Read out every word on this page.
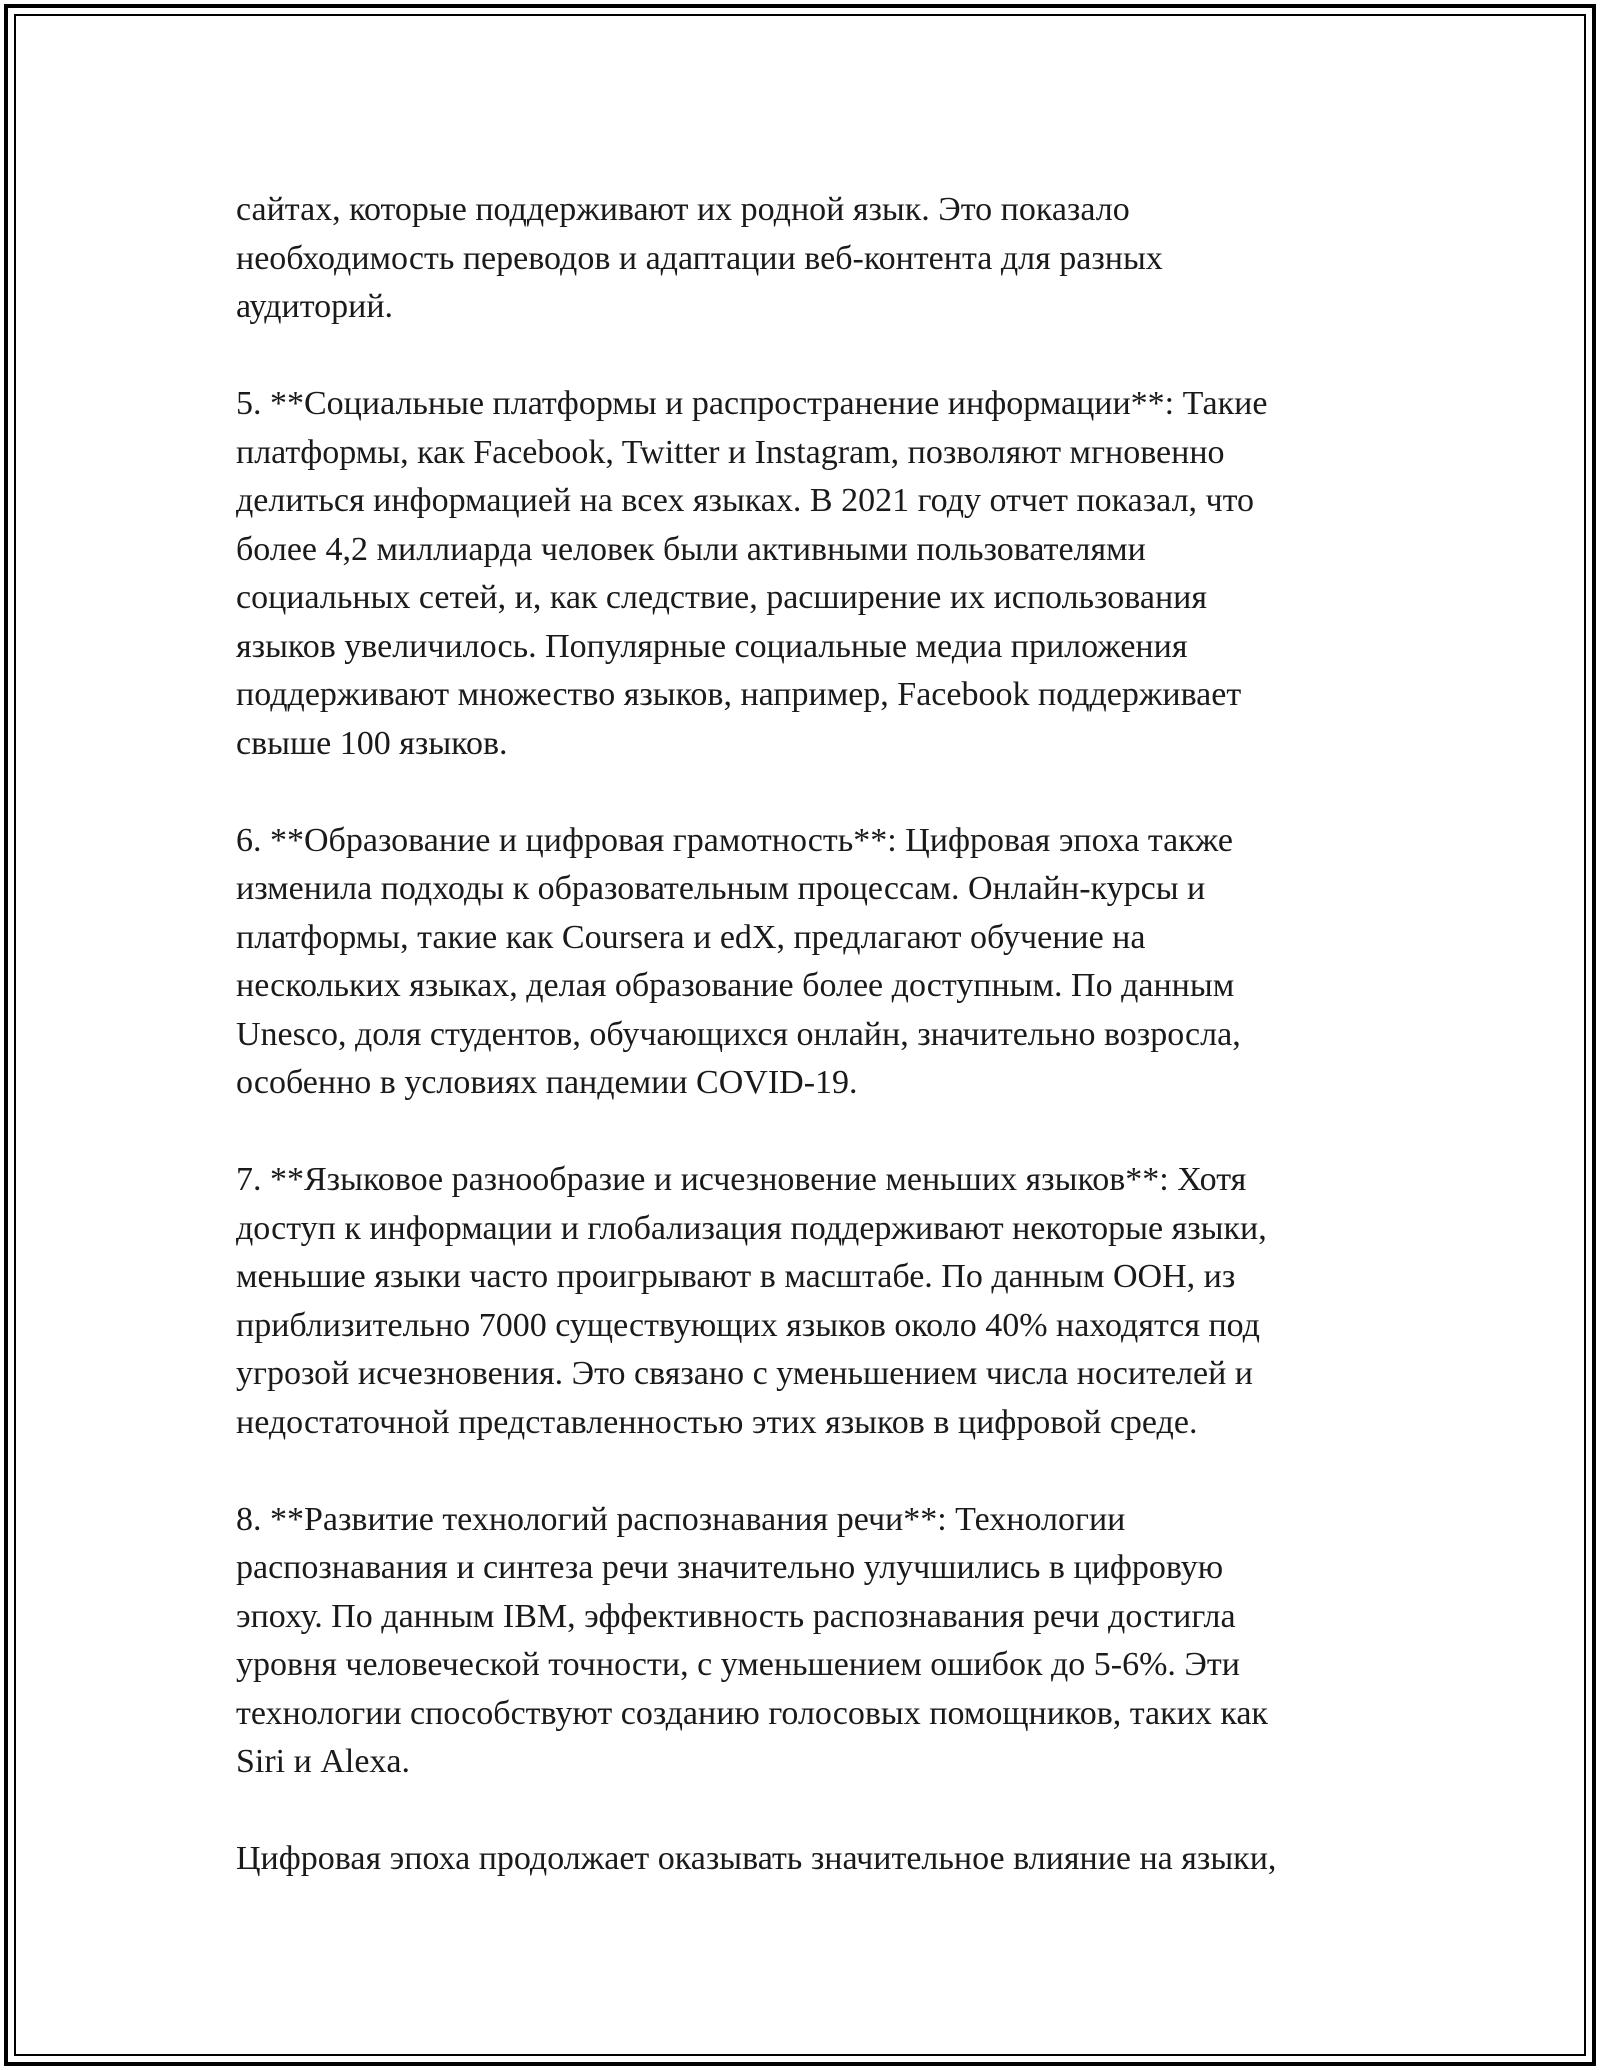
сайтах, которые поддерживают их родной язык. Это показало
необходимость переводов и адаптации веб-контента для разных
аудиторий.

5. **Социальные платформы и распространение информации**: Такие
платформы, как Facebook, Twitter и Instagram, позволяют мгновенно
делиться информацией на всех языках. В 2021 году отчет показал, что
более 4,2 миллиарда человек были активными пользователями
социальных сетей, и, как следствие, расширение их использования
языков увеличилось. Популярные социальные медиа приложения
поддерживают множество языков, например, Facebook поддерживает
свыше 100 языков.

6. **Образование и цифровая грамотность**: Цифровая эпоха также
изменила подходы к образовательным процессам. Онлайн-курсы и
платформы, такие как Coursera и edX, предлагают обучение на
нескольких языках, делая образование более доступным. По данным
Unesco, доля студентов, обучающихся онлайн, значительно возросла,
особенно в условиях пандемии COVID-19.

7. **Языковое разнообразие и исчезновение меньших языков**: Хотя
доступ к информации и глобализация поддерживают некоторые языки,
меньшие языки часто проигрывают в масштабе. По данным ООН, из
приблизительно 7000 существующих языков около 40% находятся под
угрозой исчезновения. Это связано с уменьшением числа носителей и
недостаточной представленностью этих языков в цифровой среде.

8. **Развитие технологий распознавания речи**: Технологии
распознавания и синтеза речи значительно улучшились в цифровую
эпоху. По данным IBM, эффективность распознавания речи достигла
уровня человеческой точности, с уменьшением ошибок до 5-6%. Эти
технологии способствуют созданию голосовых помощников, таких как
Siri и Alexa.

Цифровая эпоха продолжает оказывать значительное влияние на языки,
